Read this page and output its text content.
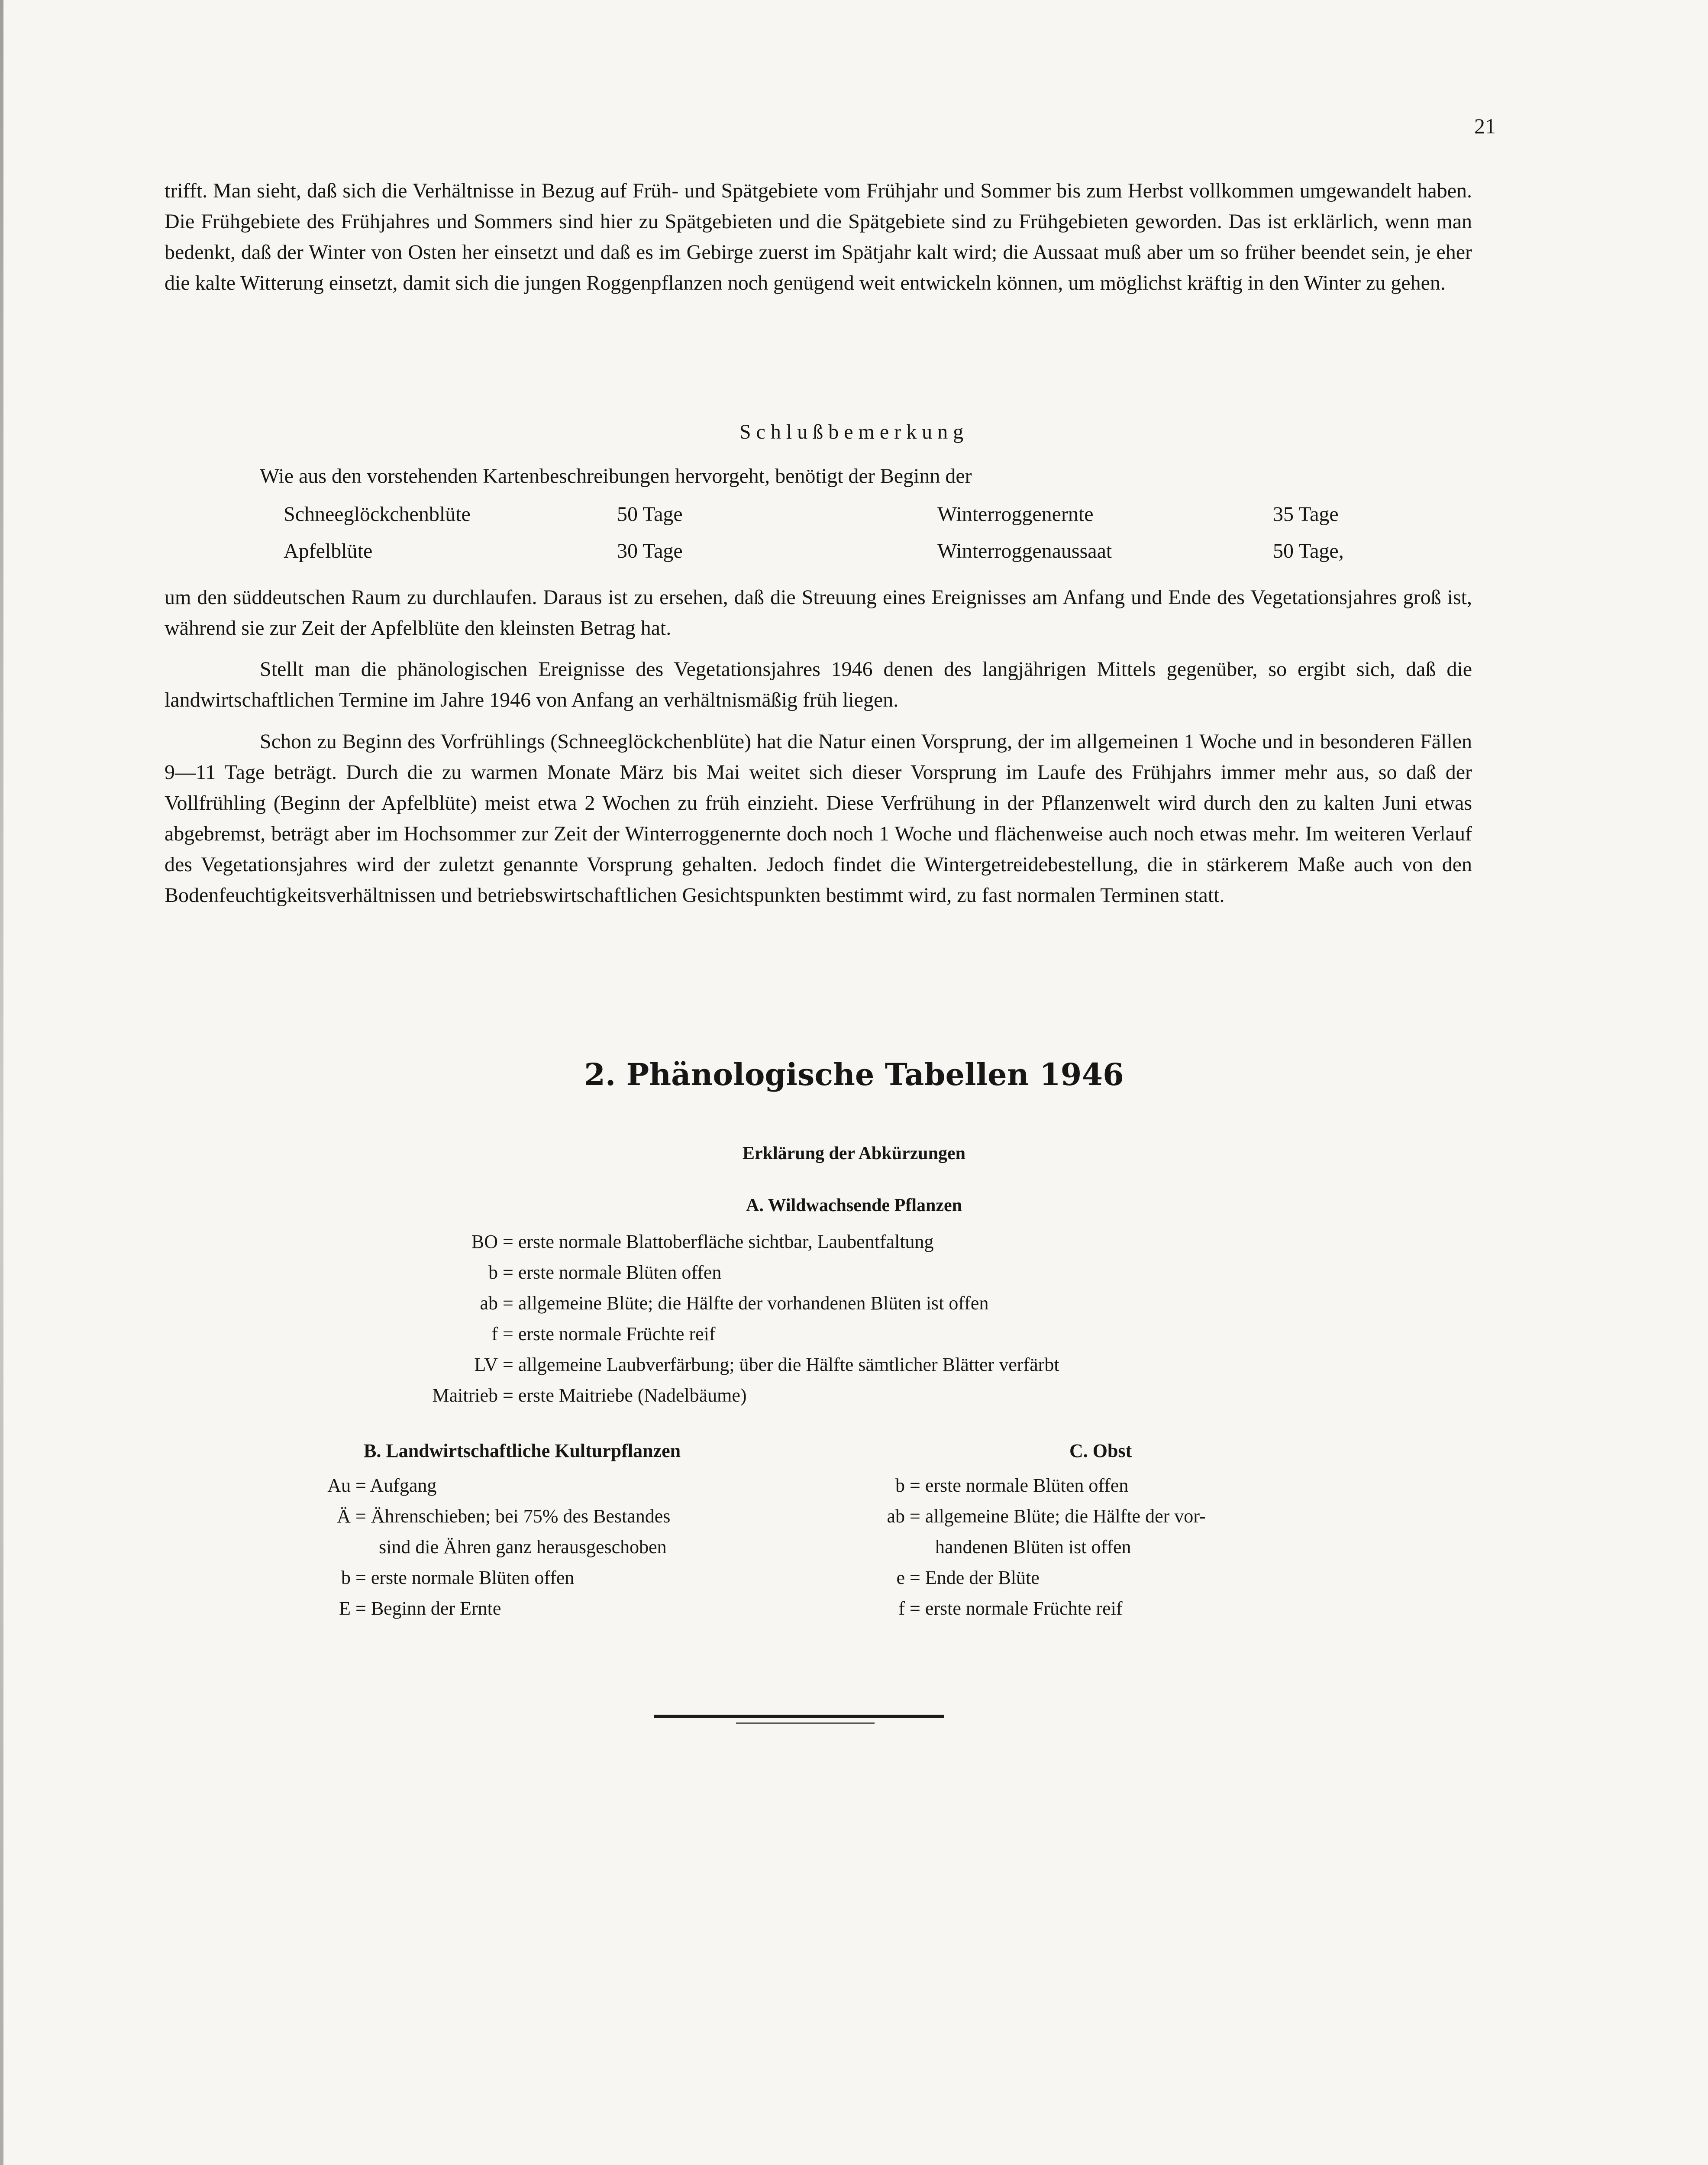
21

trifft. Man sieht, daß sich die Verhältnisse in Bezug auf Früh- und Spätgebiete vom Frühjahr und Sommer bis zum Herbst vollkommen umgewandelt haben. Die Frühgebiete des Frühjahres und Sommers sind hier zu Spätgebieten und die Spätgebiete sind zu Frühgebieten geworden. Das ist erklärlich, wenn man bedenkt, daß der Winter von Osten her einsetzt und daß es im Gebirge zuerst im Spätjahr kalt wird; die Aussaat muß aber um so früher beendet sein, je eher die kalte Witterung einsetzt, damit sich die jungen Roggenpflanzen noch genügend weit entwickeln können, um möglichst kräftig in den Winter zu gehen.

Schlußbemerkung
Wie aus den vorstehenden Kartenbeschreibungen hervorgeht, benötigt der Beginn der
Schneeglöckchenblüte	50 Tage	Winterroggenernte	35 Tage
Apfelblüte	30 Tage	Winterroggenaussaat	50 Tage,

um den süddeutschen Raum zu durchlaufen. Daraus ist zu ersehen, daß die Streuung eines Ereignisses am Anfang und Ende des Vegetationsjahres groß ist, während sie zur Zeit der Apfelblüte den kleinsten Betrag hat.

Stellt man die phänologischen Ereignisse des Vegetationsjahres 1946 denen des langjährigen Mittels gegenüber, so ergibt sich, daß die landwirtschaftlichen Termine im Jahre 1946 von Anfang an verhältnismäßig früh liegen.

Schon zu Beginn des Vorfrühlings (Schneeglöckchenblüte) hat die Natur einen Vorsprung, der im allgemeinen 1 Woche und in besonderen Fällen 9—11 Tage beträgt. Durch die zu warmen Monate März bis Mai weitet sich dieser Vorsprung im Laufe des Frühjahrs immer mehr aus, so daß der Vollfrühling (Beginn der Apfelblüte) meist etwa 2 Wochen zu früh einzieht. Diese Verfrühung in der Pflanzenwelt wird durch den zu kalten Juni etwas abgebremst, beträgt aber im Hochsommer zur Zeit der Winterroggenernte doch noch 1 Woche und flächenweise auch noch etwas mehr. Im weiteren Verlauf des Vegetationsjahres wird der zuletzt genannte Vorsprung gehalten. Jedoch findet die Wintergetreidebestellung, die in stärkerem Maße auch von den Bodenfeuchtigkeitsverhältnissen und betriebswirtschaftlichen Gesichtspunkten bestimmt wird, zu fast normalen Terminen statt.

2. Phänologische Tabellen 1946
Erklärung der Abkürzungen
A. Wildwachsende Pflanzen
BO = erste normale Blattoberfläche sichtbar, Laubentfaltung
b = erste normale Blüten offen
ab = allgemeine Blüte; die Hälfte der vorhandenen Blüten ist offen
f = erste normale Früchte reif
LV = allgemeine Laubverfärbung; über die Hälfte sämtlicher Blätter verfärbt
Maitrieb = erste Maitriebe (Nadelbäume)
B. Landwirtschaftliche Kulturpflanzen	C. Obst
Au = Aufgang
Ä = Ährenschieben; bei 75% des Bestandes
sind die Ähren ganz herausgeschoben
b = erste normale Blüten offen
E = Beginn der Ernte
b = erste normale Blüten offen
ab = allgemeine Blüte; die Hälfte der vor-
handenen Blüten ist offen
e = Ende der Blüte
f = erste normale Früchte reif
